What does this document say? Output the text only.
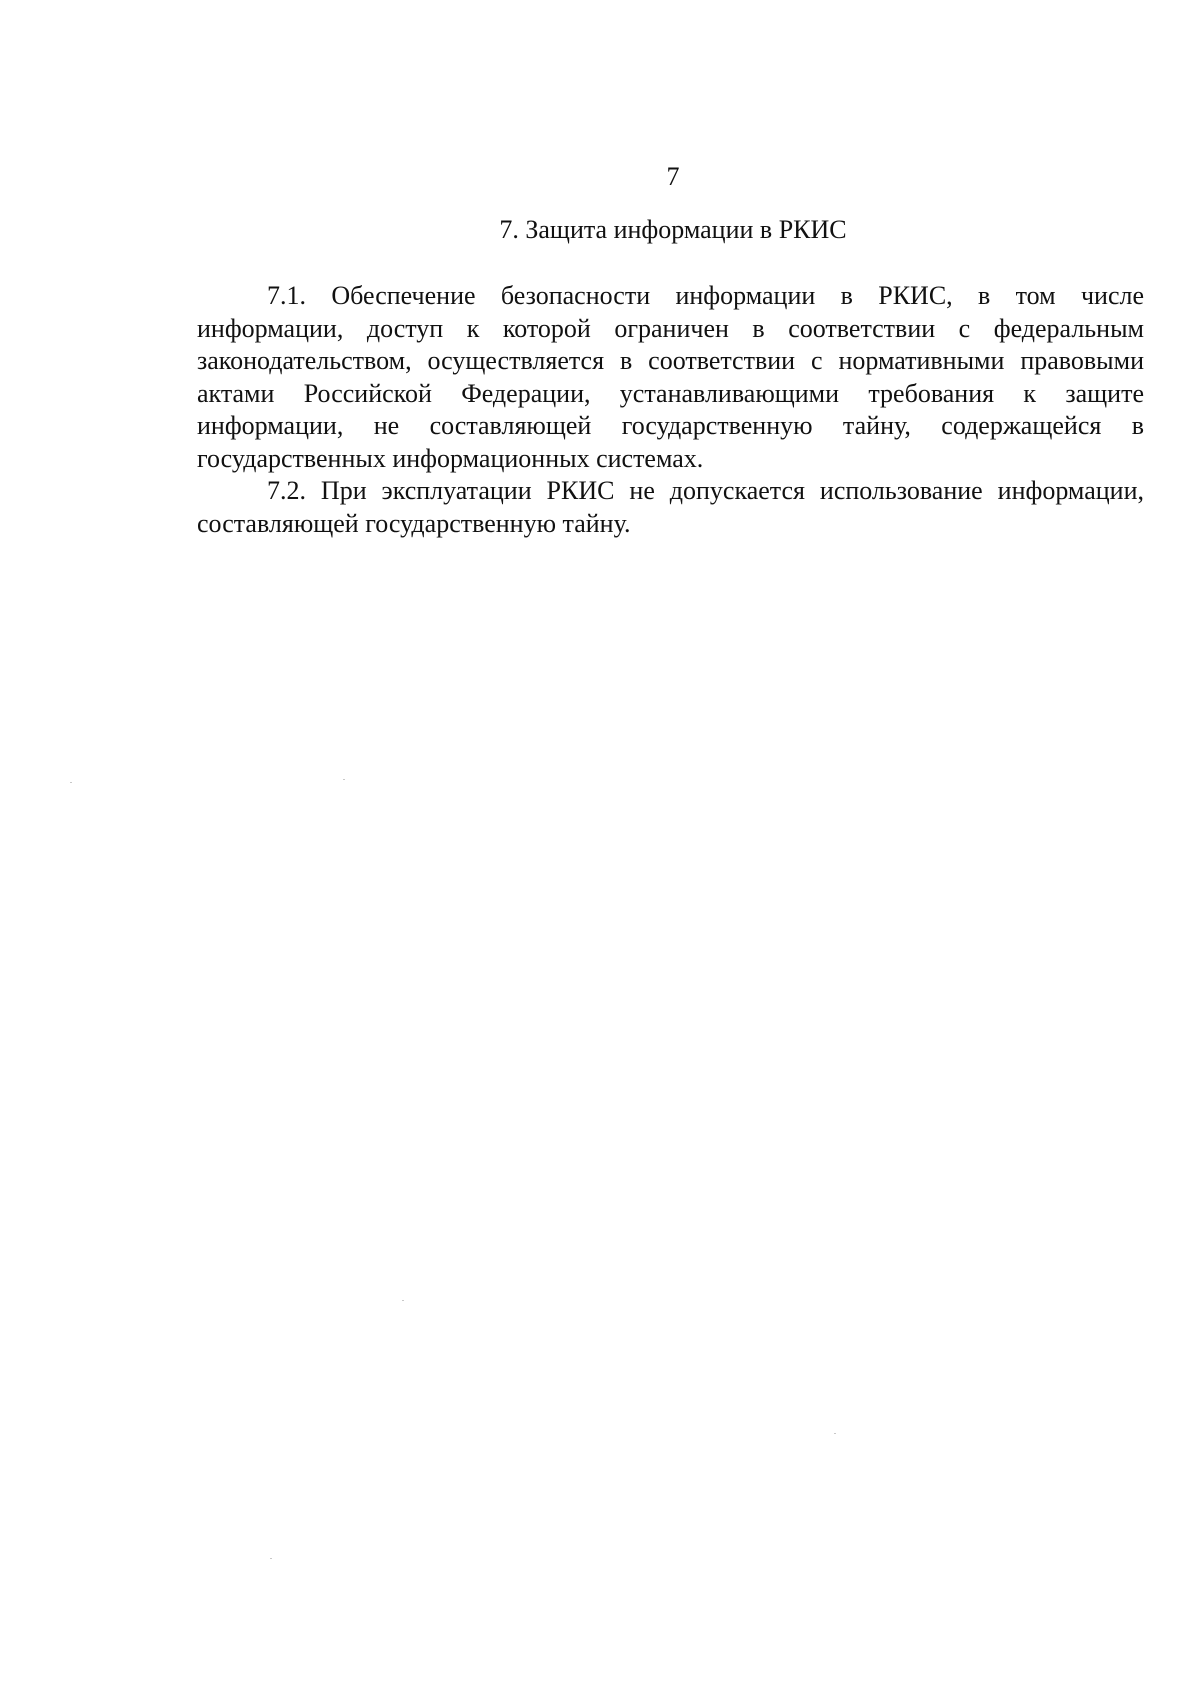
7
7. Защита информации в РКИС

7.1. Обеспечение безопасности информации в РКИС, в том числе информации, доступ к которой ограничен в соответствии с федеральным законодательством, осуществляется в соответствии с нормативными правовыми актами Российской Федерации, устанавливающими требования к защите информации, не составляющей государственную тайну, содержащейся в государственных информационных системах.

7.2. При эксплуатации РКИС не допускается использование информации, составляющей государственную тайну.
